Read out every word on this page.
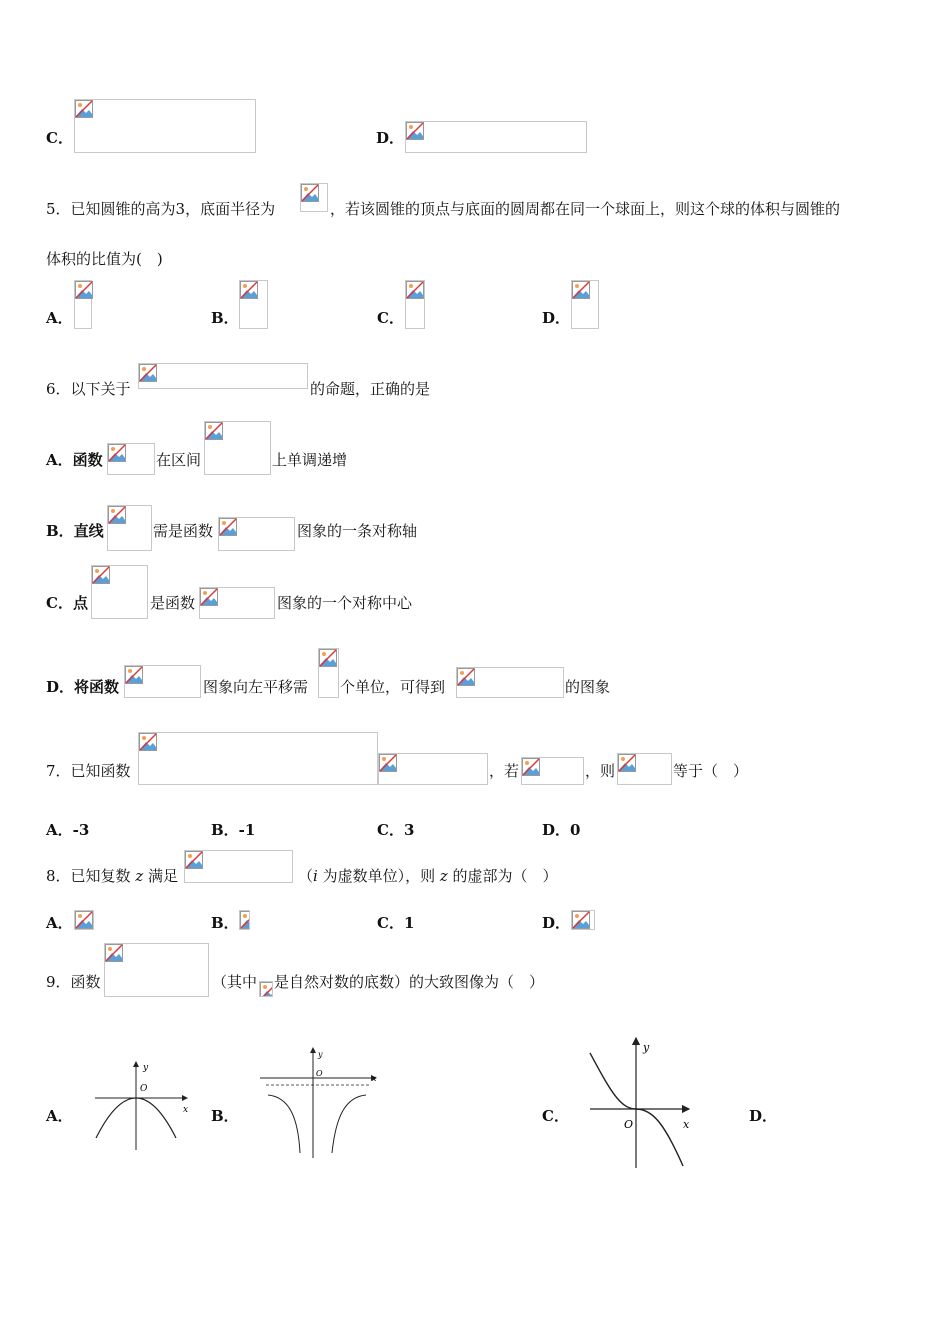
C．	D．
5．已知圆锥的高为3，底面半径为	，若该圆锥的顶点与底面的圆周都在同一个球面上，则这个球的体积与圆锥的
体积的比值为(　)
A．	B．	C．	D．
6．以下关于	的命题，正确的是
A．函数	在区间	上单调递增
B．直线	需是函数	图象的一条对称轴
C．点	是函数	图象的一个对称中心
D．将函数	图象向左平移需 个单位，可得到	的图象
7．已知函数	，若	，则	等于（　）
A．-3	B．-1	C．3	D．0
8．已知复数 z 满足	（i 为虚数单位），则 z 的虚部为（　）
A．	B．	C．1	D．
9．函数	（其中 是自然对数的底数）的大致图像为（　）
A．	B．	C．	D．
y
x
O
y
x
O
y
x
O
